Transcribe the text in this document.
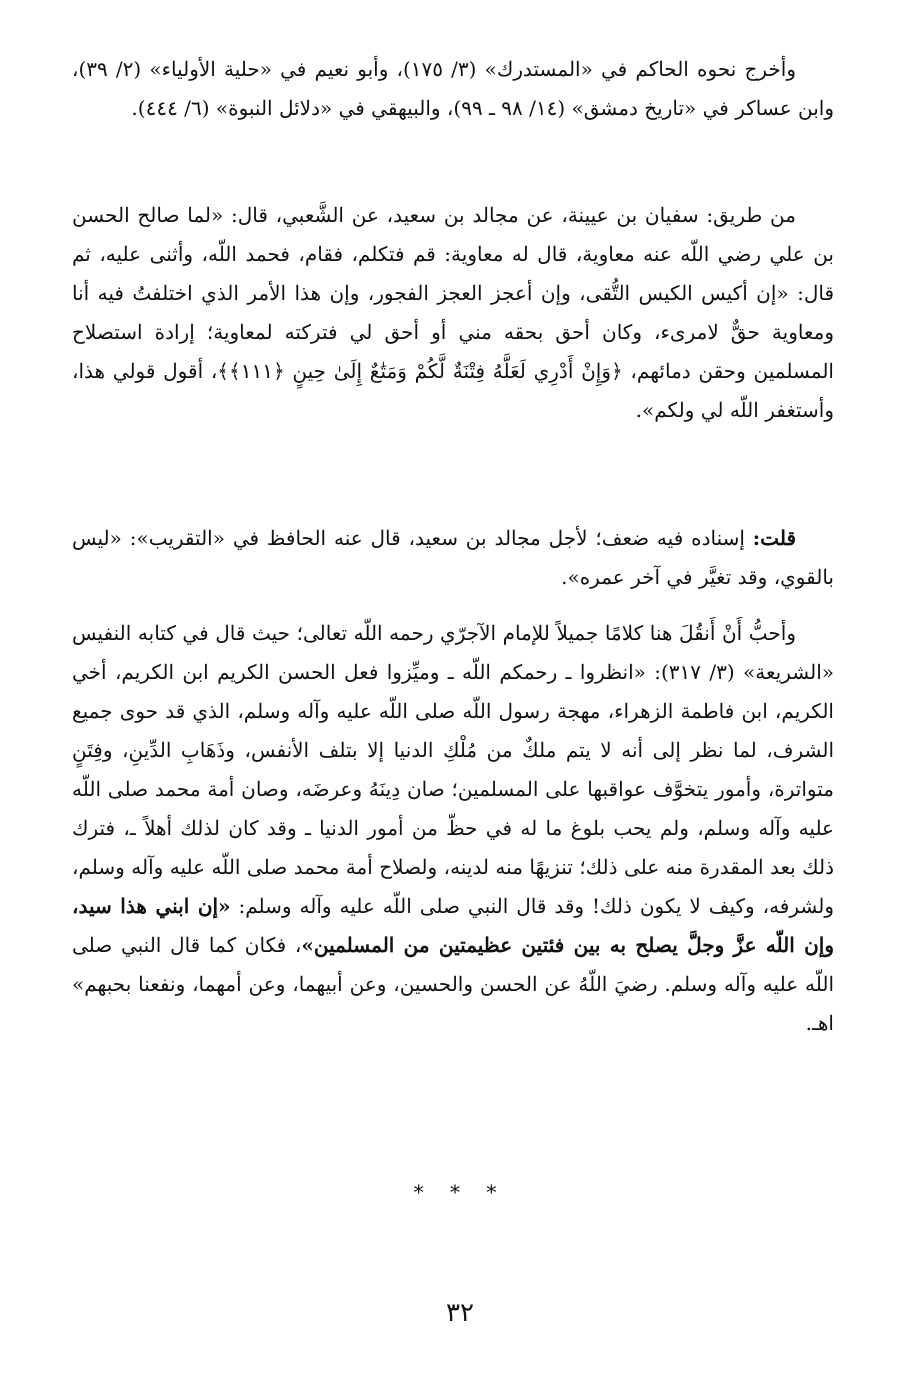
وأخرج نحوه الحاكم في «المستدرك» (٣/ ١٧٥)، وأبو نعيم في «حلية الأولياء» (٢/ ٣٩)، وابن عساكر في «تاريخ دمشق» (١٤/ ٩٨ ـ ٩٩)، والبيهقي في «دلائل النبوة» (٦/ ٤٤٤).

من طريق: سفيان بن عيينة، عن مجالد بن سعيد، عن الشَّعبي، قال: «لما صالح الحسن بن علي رضي اللّه عنه معاوية، قال له معاوية: قم فتكلم، فقام، فحمد اللّه، وأثنى عليه، ثم قال: «إن أكيس الكيس التُّقى، وإن أعجز العجز الفجور، وإن هذا الأمر الذي اختلفتُ فيه أنا ومعاوية حقٌّ لامرىء، وكان أحق بحقه مني أو أحق لي فتركته لمعاوية؛ إرادة استصلاح المسلمين وحقن دمائهم، ﴿وَإِنْ أَدْرِي لَعَلَّهُ فِتْنَةٌ لَّكُمْ وَمَتَٰعٌ إِلَىٰ حِينٍ ﴿١١١﴾﴾، أقول قولي هذا، وأستغفر اللّه لي ولكم».

قلت: إسناده فيه ضعف؛ لأجل مجالد بن سعيد، قال عنه الحافظ في «التقريب»: «ليس بالقوي، وقد تغيَّر في آخر عمره».

وأحبُّ أَنْ أَنقُلَ هنا كلامًا جميلاً للإمام الآجرّي رحمه اللّه تعالى؛ حيث قال في كتابه النفيس «الشريعة» (٣/ ٣١٧): «انظروا ـ رحمكم اللّه ـ وميِّزوا فعل الحسن الكريم ابن الكريم، أخي الكريم، ابن فاطمة الزهراء، مهجة رسول اللّه صلى اللّه عليه وآله وسلم، الذي قد حوى جميع الشرف، لما نظر إلى أنه لا يتم ملكٌ من مُلْكِ الدنيا إلا بتلف الأنفس، وذَهَابِ الدِّينِ، وفِتَنٍ متواترة، وأمور يتخوَّف عواقبها على المسلمين؛ صان دِينَهُ وعرضَه، وصان أمة محمد صلى اللّه عليه وآله وسلم، ولم يحب بلوغ ما له في حظّ من أمور الدنيا ـ وقد كان لذلك أهلاً ـ، فترك ذلك بعد المقدرة منه على ذلك؛ تنزيهًا منه لدينه، ولصلاح أمة محمد صلى اللّه عليه وآله وسلم، ولشرفه، وكيف لا يكون ذلك! وقد قال النبي صلى اللّه عليه وآله وسلم: «إن ابني هذا سيد، وإن اللّه عزَّ وجلَّ يصلح به بين فئتين عظيمتين من المسلمين»، فكان كما قال النبي صلى اللّه عليه وآله وسلم. رضيَ اللّهُ عن الحسن والحسين، وعن أبيهما، وعن أمهما، ونفعنا بحبهم» اهـ.

* * *
٣٢
